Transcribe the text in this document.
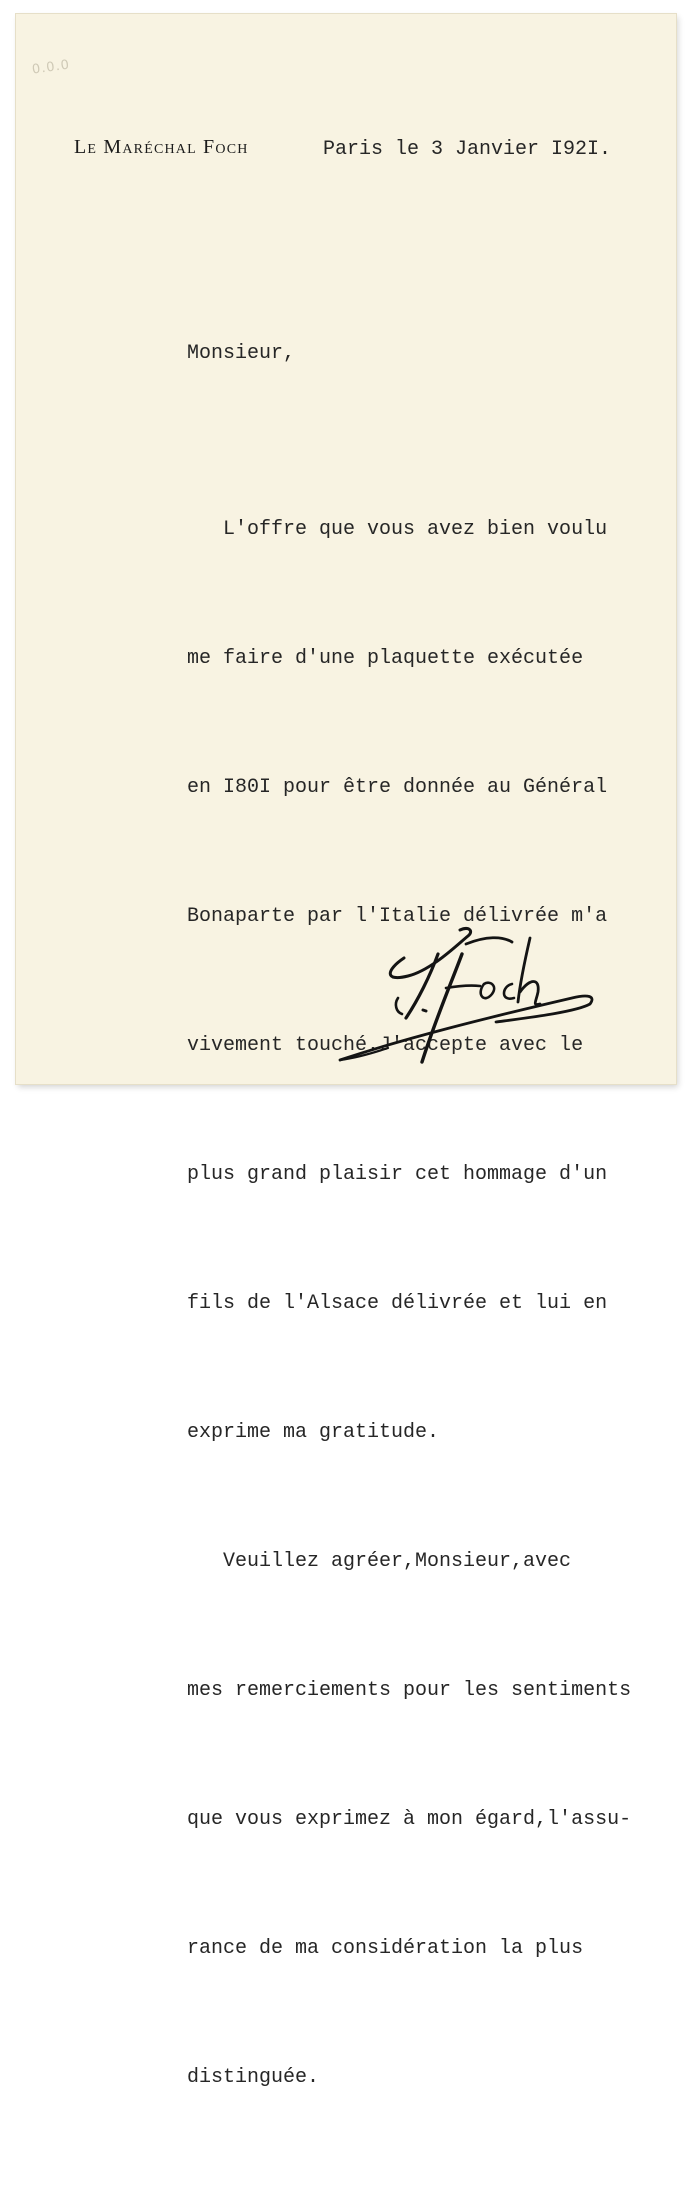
0.0.0
Le Maréchal Foch	Paris le 3 Janvier I92I.
Monsieur,

L'offre que vous avez bien voulu

me faire d'une plaquette exécutée

en I80I pour être donnée au Général

Bonaparte par l'Italie délivrée m'a

vivement touché.J'accepte avec le

plus grand plaisir cet hommage d'un

fils de l'Alsace délivrée et lui en

exprime ma gratitude.

Veuillez agréer,Monsieur,avec

mes remerciements pour les sentiments

que vous exprimez à mon égard,l'assu-

rance de ma considération la plus

distinguée.
